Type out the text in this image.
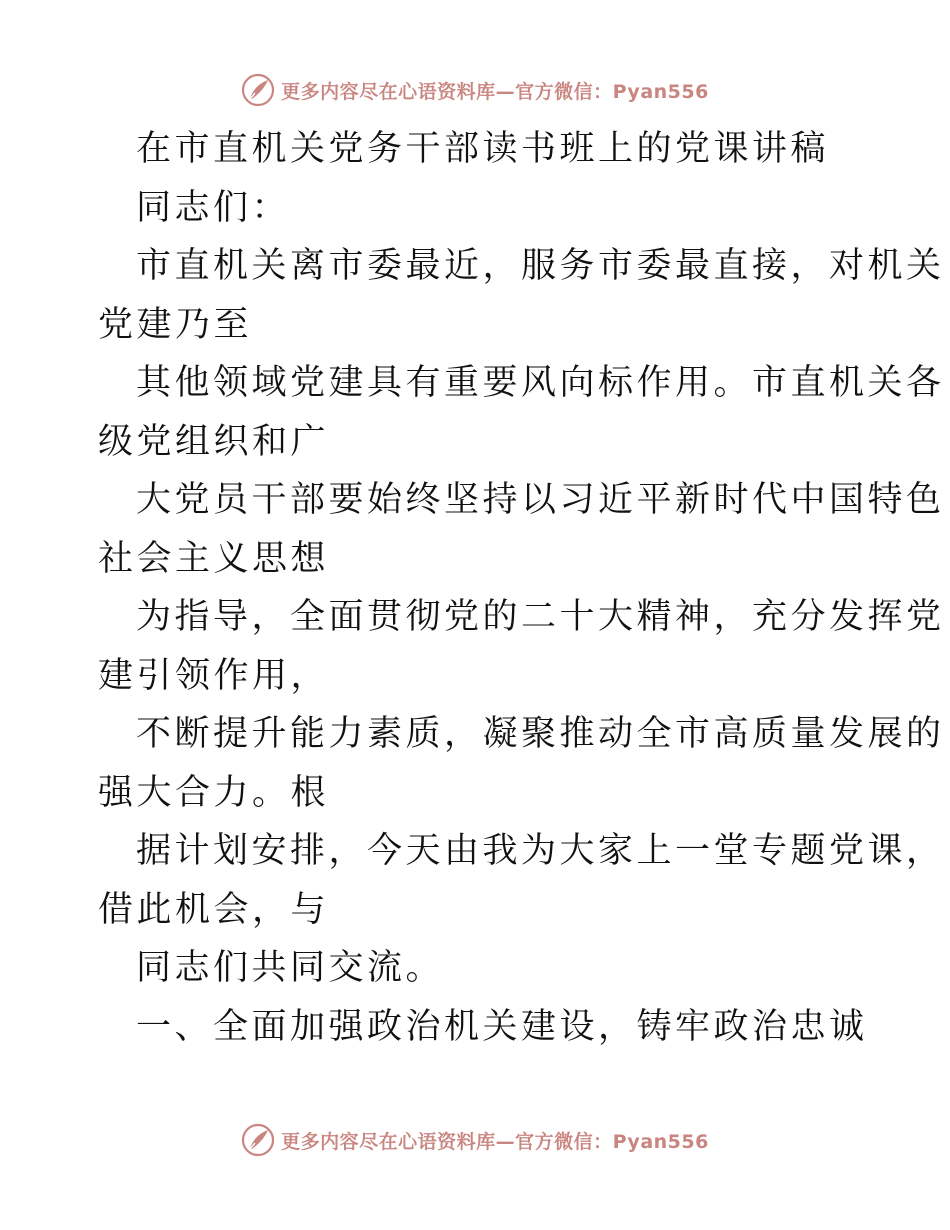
更多内容尽在心语资料库—官方微信：Pyan556
在市直机关党务干部读书班上的党课讲稿
同志们：
市直机关离市委最近，服务市委最直接，对机关
党建乃至
其他领域党建具有重要风向标作用。市直机关各
级党组织和广
大党员干部要始终坚持以习近平新时代中国特色
社会主义思想
为指导，全面贯彻党的二十大精神，充分发挥党
建引领作用，
不断提升能力素质，凝聚推动全市高质量发展的
强大合力。根
据计划安排，今天由我为大家上一堂专题党课，
借此机会，与
同志们共同交流。
一、全面加强政治机关建设，铸牢政治忠诚
更多内容尽在心语资料库—官方微信：Pyan556
